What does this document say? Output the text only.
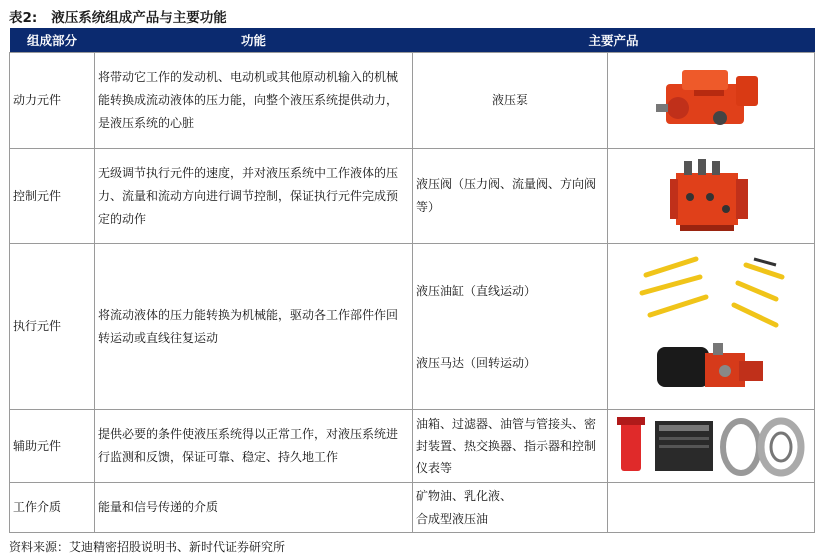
表2: 液压系统组成产品与主要功能
组成部分	功能	主要产品	
动力元件	将带动它工作的发动机、电动机或其他原动机输入的机械能转换成流动液体的压力能，向整个液压系统提供动力，是液压系统的心脏	液压泵	

控制元件	无级调节执行元件的速度，并对液压系统中工作液体的压力、流量和流动方向进行调节控制，保证执行元件完成预定的动作	液压阀（压力阀、流量阀、方向阀等）	

执行元件	将流动液体的压力能转换为机械能，驱动各工作部件作回转运动或直线往复运动	液压油缸（直线运动）
液压马达（回转运动）

辅助元件	提供必要的条件使液压系统得以正常工作，对液压系统进行监测和反馈，保证可靠、稳定、持久地工作	油箱、过滤器、油管与管接头、密封装置、热交换器、指示器和控制仪表等	

工作介质	能量和信号传递的介质	矿物油、乳化液、
合成型液压油	

资料来源：艾迪精密招股说明书、新时代证券研究所
